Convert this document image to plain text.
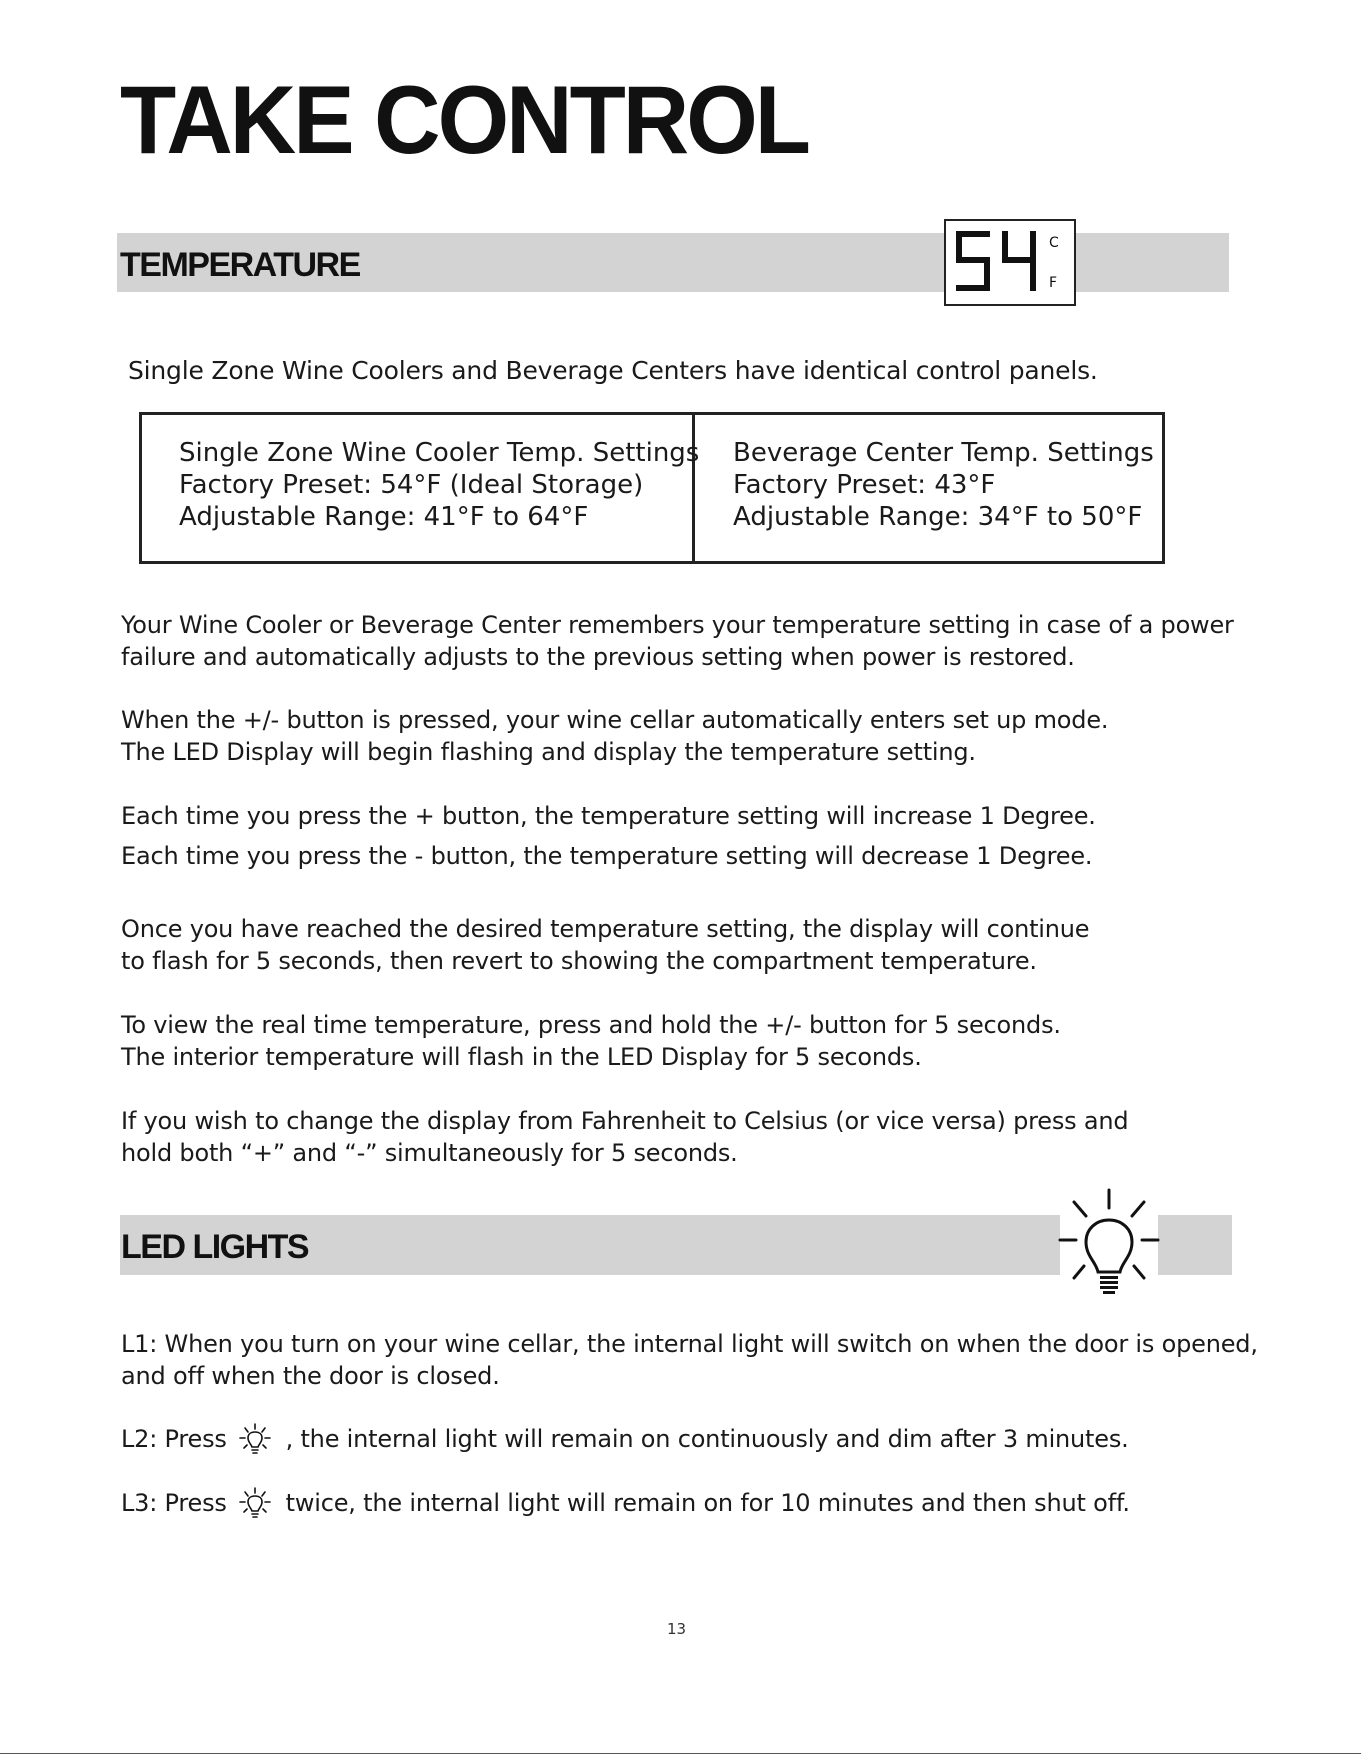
TAKE CONTROL
TEMPERATURE
C
F
Single Zone Wine Coolers and Beverage Centers have identical control panels.
Single Zone Wine Cooler Temp. Settings
Factory Preset: 54°F (Ideal Storage)
Adjustable Range: 41°F to 64°F
Beverage Center Temp. Settings
Factory Preset: 43°F
Adjustable Range: 34°F to 50°F
Your Wine Cooler or Beverage Center remembers your temperature setting in case of a power
failure and automatically adjusts to the previous setting when power is restored.
When the +/- button is pressed, your wine cellar automatically enters set up mode.
The LED Display will begin flashing and display the temperature setting.
Each time you press the + button, the temperature setting will increase 1 Degree.
Each time you press the - button, the temperature setting will decrease 1 Degree.
Once you have reached the desired temperature setting, the display will continue
to flash for 5 seconds, then revert to showing the compartment temperature.
To view the real time temperature, press and hold the +/- button for 5 seconds.
The interior temperature will flash in the LED Display for 5 seconds.
If you wish to change the display from Fahrenheit to Celsius (or vice versa) press and
hold both “+” and “-” simultaneously for 5 seconds.
LED LIGHTS
L1: When you turn on your wine cellar, the internal light will switch on when the door is opened,
and off when the door is closed.
L2: Press , the internal light will remain on continuously and dim after 3 minutes.
L3: Press twice, the internal light will remain on for 10 minutes and then shut off.
13
